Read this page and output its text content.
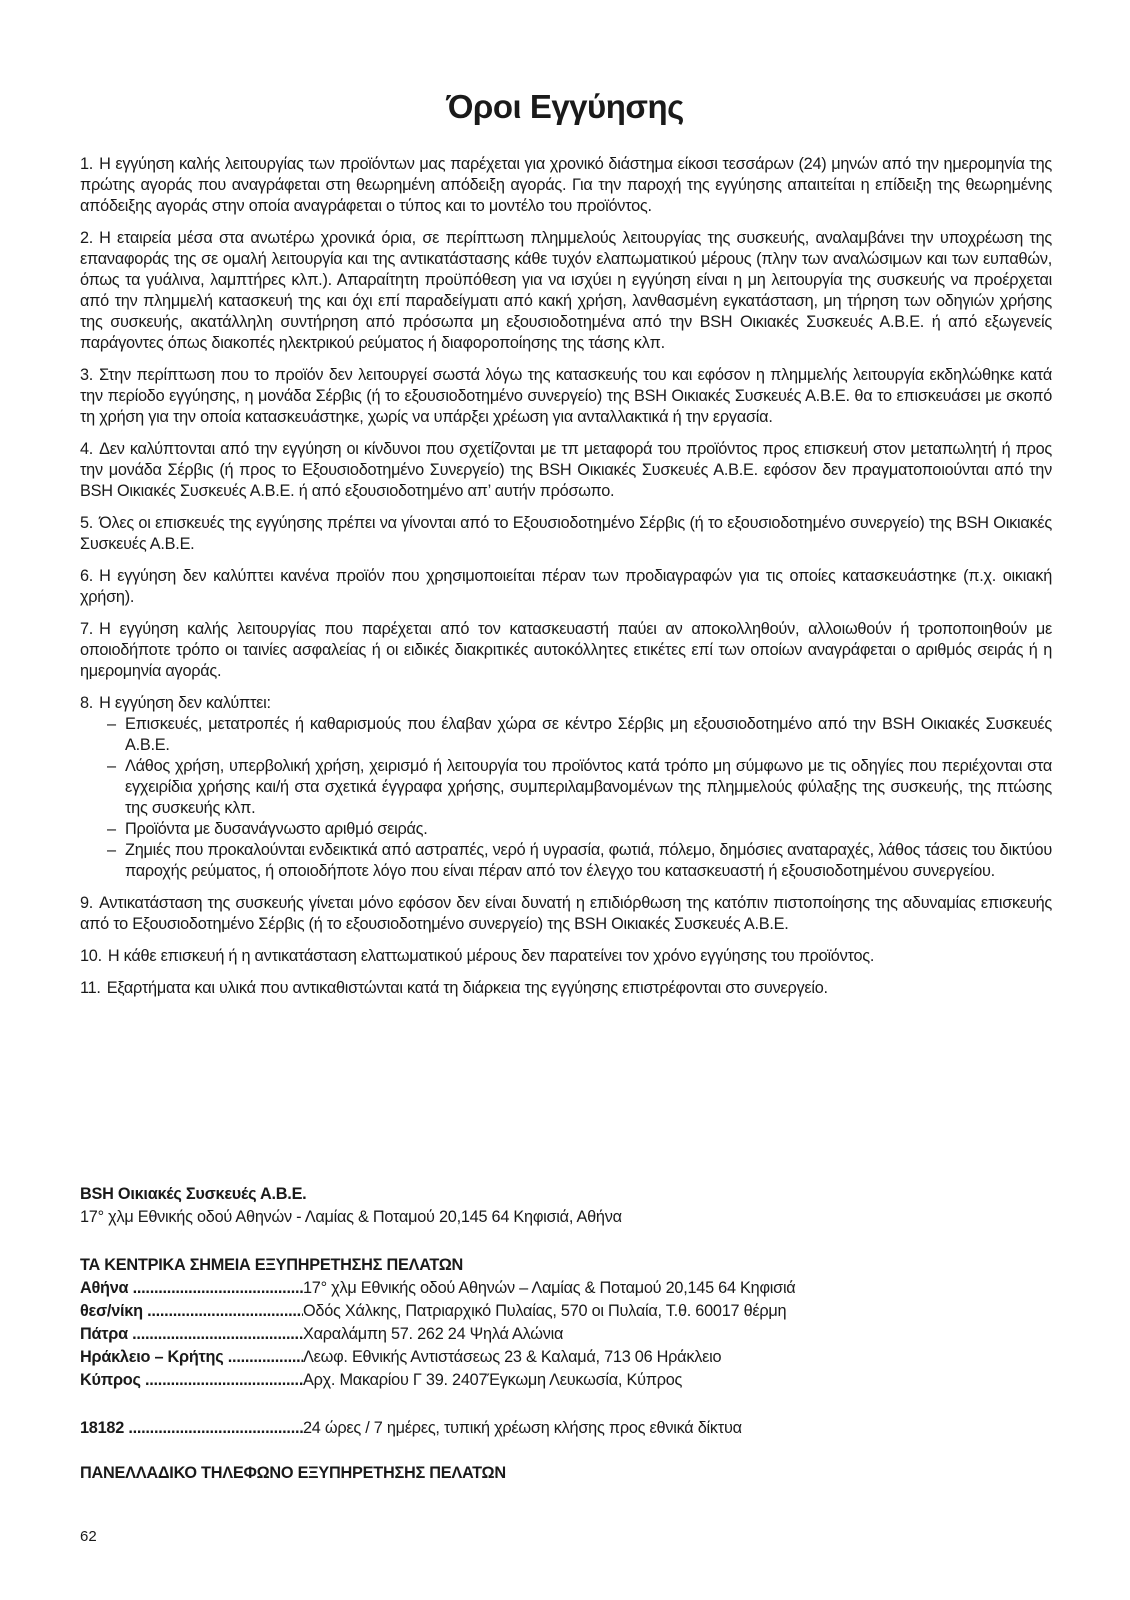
Όροι Εγγύησης
1. Η εγγύηση καλής λειτουργίας των προϊόντων μας παρέχεται για χρονικό διάστημα είκοσι τεσσάρων (24) μηνών από την ημερομηνία της πρώτης αγοράς που αναγράφεται στη θεωρημένη απόδειξη αγοράς. Για την παροχή της εγγύησης απαιτείται η επίδειξη της θεωρημένης απόδειξης αγοράς στην οποία αναγράφεται ο τύπος και το μοντέλο του προϊόντος.
2. Η εταιρεία μέσα στα ανωτέρω χρονικά όρια, σε περίπτωση πλημμελούς λειτουργίας της συσκευής, αναλαμβάνει την υποχρέωση της επαναφοράς της σε ομαλή λειτουργία και της αντικατάστασης κάθε τυχόν ελαπωματικού μέρους (πλην των αναλώσιμων και των ευπαθών, όπως τα γυάλινα, λαμπτήρες κλπ.). Απαραίτητη προϋπόθεση για να ισχύει η εγγύηση είναι η μη λειτουργία της συσκευής να προέρχεται από την πλημμελή κατασκευή της και όχι επί παραδείγματι από κακή χρήση, λανθασμένη εγκατάσταση, μη τήρηση των οδηγιών χρήσης της συσκευής, ακατάλληλη συντήρηση από πρόσωπα μη εξουσιοδοτημένα από την BSH Οικιακές Συσκευές Α.Β.Ε. ή από εξωγενείς παράγοντες όπως διακοπές ηλεκτρικού ρεύματος ή διαφοροποίησης της τάσης κλπ.
3. Στην περίπτωση που το προϊόν δεν λειτουργεί σωστά λόγω της κατασκευής του και εφόσον η πλημμελής λειτουργία εκδηλώθηκε κατά την περίοδο εγγύησης, η μονάδα Σέρβις (ή το εξουσιοδοτημένο συνεργείο) της BSH Οικιακές Συσκευές Α.Β.Ε. θα το επισκευάσει με σκοπό τη χρήση για την οποία κατασκευάστηκε, χωρίς να υπάρξει χρέωση για ανταλλακτικά ή την εργασία.
4. Δεν καλύπτονται από την εγγύηση οι κίνδυνοι που σχετίζονται με τπ μεταφορά του προϊόντος προς επισκευή στον μεταπωλητή ή προς την μονάδα Σέρβις (ή προς το Εξουσιοδοτημένο Συνεργείο) της BSH Οικιακές Συσκευές Α.Β.Ε. εφόσον δεν πραγματοποιούνται από την BSH Οικιακές Συσκευές Α.Β.Ε. ή από εξουσιοδοτημένο απ’ αυτήν πρόσωπο.
5. Όλες οι επισκευές της εγγύησης πρέπει να γίνονται από το Εξουσιοδοτημένο Σέρβις (ή το εξουσιοδοτημένο συνεργείο) της BSH Οικιακές Συσκευές Α.Β.Ε.
6. Η εγγύηση δεν καλύπτει κανένα προϊόν που χρησιμοποιείται πέραν των προδιαγραφών για τις οποίες κατασκευάστηκε (π.χ. οικιακή χρήση).
7. Η εγγύηση καλής λειτουργίας που παρέχεται από τον κατασκευαστή παύει αν αποκολληθούν, αλλοιωθούν ή τροποποιηθούν με οποιοδήποτε τρόπο οι ταινίες ασφαλείας ή οι ειδικές διακριτικές αυτοκόλλητες ετικέτες επί των οποίων αναγράφεται ο αριθμός σειράς ή η ημερομηνία αγοράς.
8. Η εγγύηση δεν καλύπτει:
– Επισκευές, μετατροπές ή καθαρισμούς που έλαβαν χώρα σε κέντρο Σέρβις μη εξουσιοδοτημένο από την BSH Οικιακές Συσκευές Α.Β.Ε.
– Λάθος χρήση, υπερβολική χρήση, χειρισμό ή λειτουργία του προϊόντος κατά τρόπο μη σύμφωνο με τις οδηγίες που περιέχονται στα εγχειρίδια χρήσης και/ή στα σχετικά έγγραφα χρήσης, συμπεριλαμβανομένων της πλημμελούς φύλαξης της συσκευής, της πτώσης της συσκευής κλπ.
– Προϊόντα με δυσανάγνωστο αριθμό σειράς.
– Ζημιές που προκαλούνται ενδεικτικά από αστραπές, νερό ή υγρασία, φωτιά, πόλεμο, δημόσιες αναταραχές, λάθος τάσεις του δικτύου παροχής ρεύματος, ή οποιοδήποτε λόγο που είναι πέραν από τον έλεγχο του κατασκευαστή ή εξουσιοδοτημένου συνεργείου.
9. Αντικατάσταση της συσκευής γίνεται μόνο εφόσον δεν είναι δυνατή η επιδιόρθωση της κατόπιν πιστοποίησης της αδυναμίας επισκευής από το Εξουσιοδοτημένο Σέρβις (ή το εξουσιοδοτημένο συνεργείο) της BSH Οικιακές Συσκευές Α.Β.Ε.
10. Η κάθε επισκευή ή η αντικατάσταση ελαττωματικού μέρους δεν παρατείνει τον χρόνο εγγύησης του προϊόντος.
11. Εξαρτήματα και υλικά που αντικαθιστώνται κατά τη διάρκεια της εγγύησης επιστρέφονται στο συνεργείο.
BSH Οικιακές Συσκευές Α.Β.Ε.
17° χλμ Εθνικής οδού Αθηνών - Λαμίας & Ποταμού 20,145 64 Κηφισιά, Αθήνα
ΤΑ ΚΕΝΤΡΙΚΑ ΣΗΜΕΙΑ ΕΞΥΠΗΡΕΤΗΣΗΣ ΠΕΛΑΤΩΝ
Αθήνα .....	17° χλμ Εθνικής οδού Αθηνών – Λαμίας & Ποταμού 20,145 64 Κηφισιά
θεσ/νίκη .....	Οδός Χάλκης, Πατριαρχικό Πυλαίας, 570 οι Πυλαία, Τ.θ. 60017 θέρμη
Πάτρα .....	Χαραλάμπη 57. 262 24 Ψηλά Αλώνια
Ηράκλειο – Κρήτης .....	Λεωφ. Εθνικής Αντιστάσεως 23 & Καλαμά, 713 06 Ηράκλειο
Κύπρος .....	Αρχ. Μακαρίου Γ 39. 2407Έγκωμη Λευκωσία, Κύπρος
18182 .....	24 ώρες / 7 ημέρες, τυπική χρέωση κλήσης προς εθνικά δίκτυα
ΠΑΝΕΛΛΑΔΙΚΟ ΤΗΛΕΦΩΝΟ ΕΞΥΠΗΡΕΤΗΣΗΣ ΠΕΛΑΤΩΝ
62
